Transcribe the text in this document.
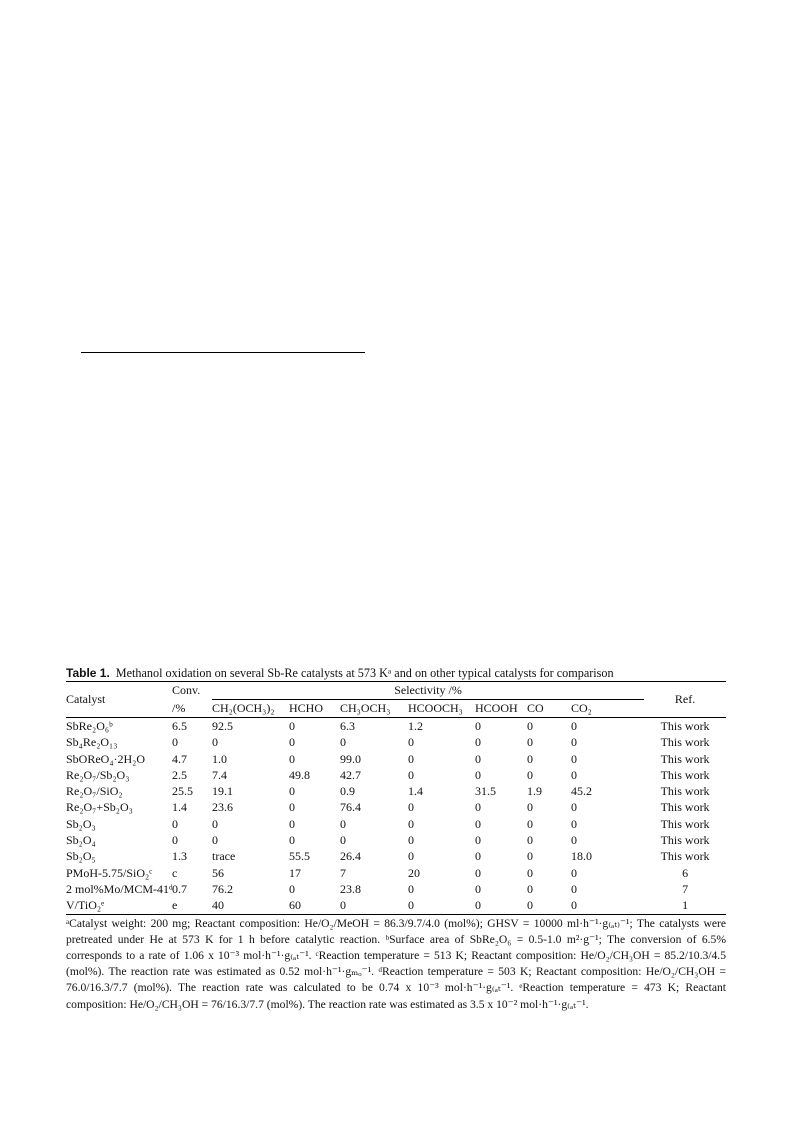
Table 1. Methanol oxidation on several Sb-Re catalysts at 573 Kᵃ and on other typical catalysts for comparison
Catalyst	Conv.	Selectivity /%							Ref.
	/%	CH₂(OCH₃)₂	HCHO	CH₃OCH₃	HCOOCH₃	HCOOH	CO	CO₂	
SbRe₂O₆ᵇ	6.5	92.5	0	6.3	1.2	0	0	0	This work
Sb₄Re₂O₁₃	0	0	0	0	0	0	0	0	This work
SbOReO₄·2H₂O	4.7	1.0	0	99.0	0	0	0	0	This work
Re₂O₇/Sb₂O₃	2.5	7.4	49.8	42.7	0	0	0	0	This work
Re₂O₇/SiO₂	25.5	19.1	0	0.9	1.4	31.5	1.9	45.2	This work
Re₂O₇+Sb₂O₃	1.4	23.6	0	76.4	0	0	0	0	This work
Sb₂O₃	0	0	0	0	0	0	0	0	This work
Sb₂O₄	0	0	0	0	0	0	0	0	This work
Sb₂O₅	1.3	trace	55.5	26.4	0	0	0	18.0	This work
PMoH-5.75/SiO₂ᶜ	c	56	17	7	20	0	0	0	6
2 mol%Mo/MCM-41ᵈ	0.7	76.2	0	23.8	0	0	0	0	7
V/TiO₂ᵉ	e	40	60	0	0	0	0	0	1
ᵃCatalyst weight: 200 mg; Reactant composition: He/O₂/MeOH = 86.3/9.7/4.0 (mol%); GHSV = 10000 ml·h⁻¹·g₍ₐₜ₎⁻¹; The catalysts were pretreated under He at 573 K for 1 h before catalytic reaction. ᵇSurface area of SbRe₂O₆ = 0.5-1.0 m²·g⁻¹; The conversion of 6.5% corresponds to a rate of 1.06 x 10⁻³ mol·h⁻¹·g₍ₐₜ⁻¹. ᶜReaction temperature = 513 K; Reactant composition: He/O₂/CH₃OH = 85.2/10.3/4.5 (mol%). The reaction rate was estimated as 0.52 mol·h⁻¹·gₘₒ⁻¹. ᵈReaction temperature = 503 K; Reactant composition: He/O₂/CH₃OH = 76.0/16.3/7.7 (mol%). The reaction rate was calculated to be 0.74 x 10⁻³ mol·h⁻¹·g₍ₐₜ⁻¹. ᵉReaction temperature = 473 K; Reactant composition: He/O₂/CH₃OH = 76/16.3/7.7 (mol%). The reaction rate was estimated as 3.5 x 10⁻² mol·h⁻¹·g₍ₐₜ⁻¹.
